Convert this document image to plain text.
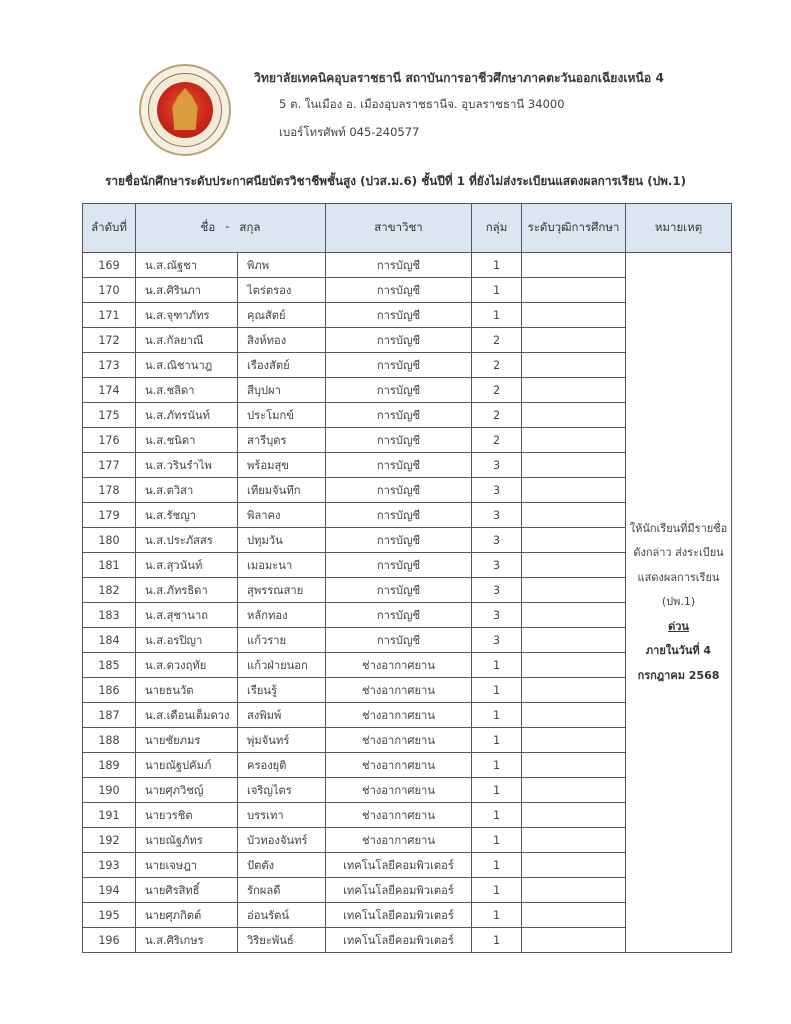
วิทยาลัยเทคนิคอุบลราชธานี สถาบันการอาชีวศึกษาภาคตะวันออกเฉียงเหนือ 4
5 ต. ในเมือง อ. เมืองอุบลราชธานีจ. อุบลราชธานี 34000
เบอร์โทรศัพท์ 045-240577
รายชื่อนักศึกษาระดับประกาศนียบัตรวิชาชีพชั้นสูง (ปวส.ม.6) ชั้นปีที่ 1 ที่ยังไม่ส่งระเบียนแสดงผลการเรียน (ปพ.1)
ลำดับที่	ชื่อ - สกุล		สาขาวิชา	กลุ่ม	ระดับวุฒิการศึกษา	หมายเหตุ
169	น.ส.ณัฐชา	พิภพ	การบัญชี	1		
ให้นักเรียนที่มีรายชื่อ
ดังกล่าว ส่งระเบียน
แสดงผลการเรียน
(ปพ.1)
ด่วน
ภายในวันที่ 4
กรกฎาคม 2568

170	น.ส.ศิรินภา	ไตร่ตรอง	การบัญชี	1		
171	น.ส.จุฑาภัทร	คุณสัตย์	การบัญชี	1		
172	น.ส.กัลยาณี	สิงห์ทอง	การบัญชี	2		
173	น.ส.ณิชานาฎ	เรืองสัตย์	การบัญชี	2		
174	น.ส.ชลิดา	สีบุปผา	การบัญชี	2		
175	น.ส.ภัทรนันท์	ประโมกข์	การบัญชี	2		
176	น.ส.ชนิดา	สารีบุตร	การบัญชี	2		
177	น.ส.วรินรำไพ	พร้อมสุข	การบัญชี	3		
178	น.ส.ตวิสา	เทียมจันทึก	การบัญชี	3		
179	น.ส.รัชญา	พิลาคง	การบัญชี	3		
180	น.ส.ประภัสสร	ปทุมวัน	การบัญชี	3		
181	น.ส.สุวนันท์	เมอมะนา	การบัญชี	3		
182	น.ส.ภัทรธิดา	สุพรรณสาย	การบัญชี	3		
183	น.ส.สุชานาถ	หลักทอง	การบัญชี	3		
184	น.ส.อรปิญา	แก้วราย	การบัญชี	3		
185	น.ส.ดวงฤทัย	แก้วฝ่ายนอก	ช่างอากาศยาน	1		
186	นายธนวัต	เรียนรู้	ช่างอากาศยาน	1		
187	น.ส.เดือนเต็มดวง	สงพิมพ์	ช่างอากาศยาน	1		
188	นายชัยภมร	พุ่มจันทร์	ช่างอากาศยาน	1		
189	นายณัฐปคัมภ์	ครองยุติ	ช่างอากาศยาน	1		
190	นายศุภวิชญ์	เจริญไตร	ช่างอากาศยาน	1		
191	นายวรชิต	บรรเทา	ช่างอากาศยาน	1		
192	นายณัฐภัทร	บัวทองจันทร์	ช่างอากาศยาน	1		
193	นายเจษฎา	ปัตตัง	เทคโนโลยีคอมพิวเตอร์	1		
194	นายศิรสิทธิ์	รักผลดี	เทคโนโลยีคอมพิวเตอร์	1		
195	นายศุภกิตต์	อ่อนรัตน์	เทคโนโลยีคอมพิวเตอร์	1		
196	น.ส.ศิริเกษร	วิริยะพันธ์	เทคโนโลยีคอมพิวเตอร์	1		
